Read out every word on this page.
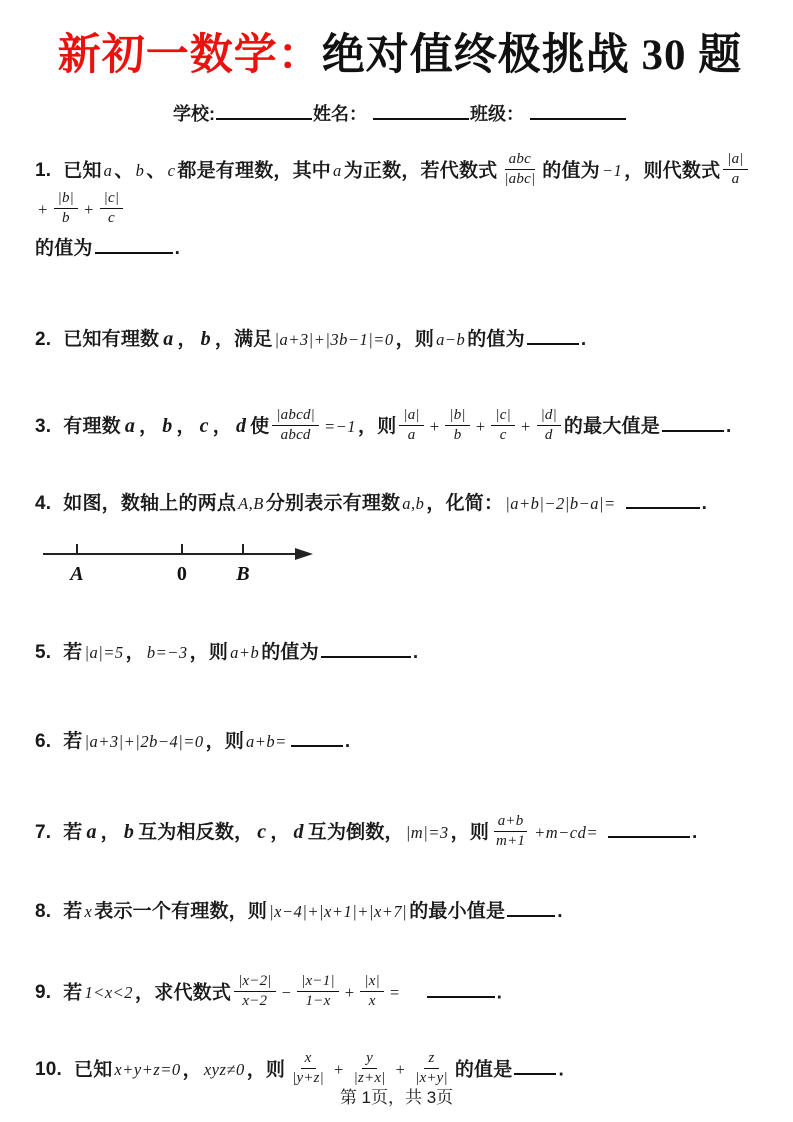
新初一数学：绝对值终极挑战 30 题
学校:	姓名：	班级：
1. 已知 a 、 b 、 c 都是有理数，其中 a 为正数，若代数式 $\frac{\text{abc}}{\text{|abc|}}$ 的值为 −1 ，则代数式 $\frac{|a|}{a}$
+ $\frac{|b|}{b} + \frac{|c|}{c}$

的值为	.
2. 已知有理数 a ， b ，满足 |a+3|+|3b−1|=0 ，则 a−b 的值为	.
3. 有理数 a ， b ， c ， d 使 $\frac{\text{|abcd|}}{\text{abcd}} =-1$ ，则 $\frac{|a|}{a} + \frac{|b|}{b} + \frac{|c|}{c} + \frac{|d|}{d}$ 的最大值是	.
4. 如图，数轴上的两点 A,B 分别表示有理数 a,b ，化简： |a+b|−2|b−a|=	.
A	0 B
5. 若 |a|=5 ， b=−3 ，则 a+b 的值为	.
6. 若 |a+3|+|2b−4|=0 ，则 a+b=	.
7. 若 a ， b 互为相反数， c ， d 互为倒数， |m|=3 ，则 $\frac{a+b}{m+1} +m-cd=$	.
8. 若 x 表示一个有理数，则 |x−4|+|x+1|+|x+7| 的最小值是	.
9. 若 1<x<2 ，求代数式 $\frac{|x-2|}{x-2} - \frac{|x-1|}{1-x} + \frac{|x|}{x}$ =	.
10. 已知 x+y+z=0 ， xyz≠0 ，则 $\frac{x}{|y+z|} + \frac{y}{|z+x|} + \frac{z}{|x+y|}$ 的值是 .
第 1页，共 3页
